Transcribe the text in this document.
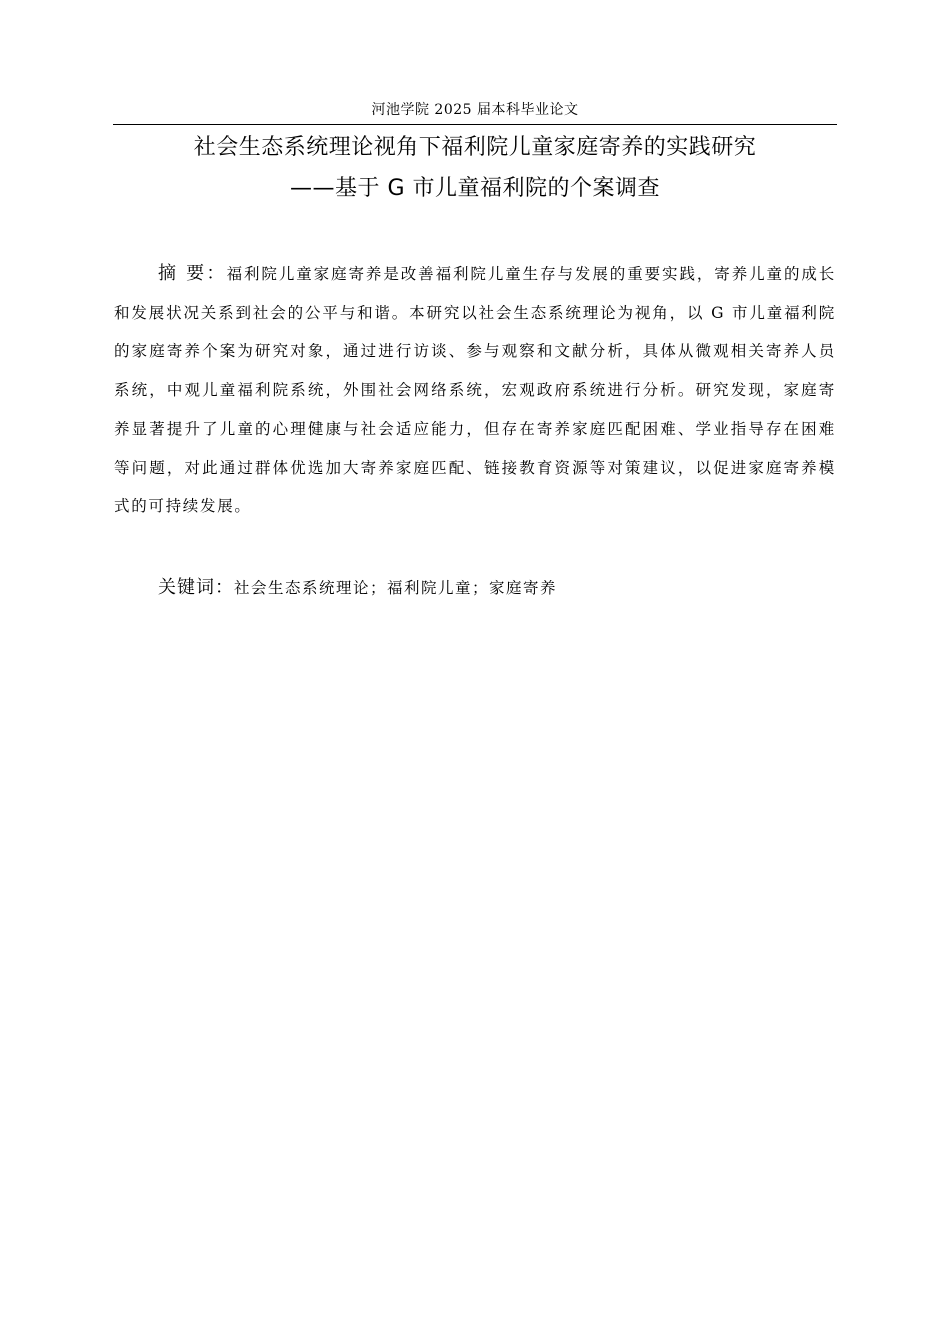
河池学院 2025 届本科毕业论文
社会生态系统理论视角下福利院儿童家庭寄养的实践研究
——基于 G 市儿童福利院的个案调查
摘 要：福利院儿童家庭寄养是改善福利院儿童生存与发展的重要实践，寄养儿童的成长和发展状况关系到社会的公平与和谐。本研究以社会生态系统理论为视角，以 G 市儿童福利院的家庭寄养个案为研究对象，通过进行访谈、参与观察和文献分析，具体从微观相关寄养人员系统，中观儿童福利院系统，外围社会网络系统，宏观政府系统进行分析。研究发现，家庭寄养显著提升了儿童的心理健康与社会适应能力，但存在寄养家庭匹配困难、学业指导存在困难等问题，对此通过群体优选加大寄养家庭匹配、链接教育资源等对策建议，以促进家庭寄养模式的可持续发展。
关键词：社会生态系统理论；福利院儿童；家庭寄养
